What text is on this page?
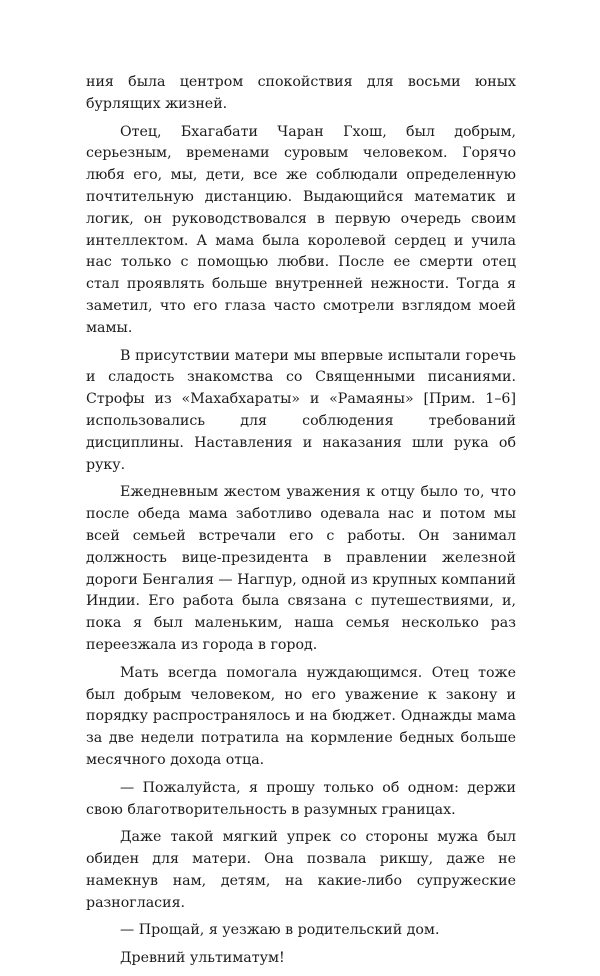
ния была центром спокойствия для восьми юных бурлящих жизней.

Отец, Бхагабати Чаран Гхош, был добрым, серьезным, временами суровым человеком. Горячо любя его, мы, дети, все же соблюдали определенную почтительную дистанцию. Выдающийся математик и логик, он руководствовался в первую очередь своим интеллектом. А мама была королевой сердец и учила нас только с помощью любви. После ее смерти отец стал проявлять больше внутренней нежности. Тогда я заметил, что его глаза часто смотрели взглядом моей мамы.

В присутствии матери мы впервые испытали горечь и сладость знакомства со Священными писаниями. Строфы из «Махабхараты» и «Рамаяны» [Прим. 1–6] использовались для соблюдения требований дисциплины. Наставления и наказания шли рука об руку.

Ежедневным жестом уважения к отцу было то, что после обеда мама заботливо одевала нас и потом мы всей семьей встречали его с работы. Он занимал должность вице-президента в правлении железной дороги Бенгалия — Нагпур, одной из крупных компаний Индии. Его работа была связана с путешествиями, и, пока я был маленьким, наша семья несколько раз переезжала из города в город.

Мать всегда помогала нуждающимся. Отец тоже был добрым человеком, но его уважение к закону и порядку распространялось и на бюджет. Однажды мама за две недели потратила на кормление бедных больше месячного дохода отца.

— Пожалуйста, я прошу только об одном: держи свою благотворительность в разумных границах.

Даже такой мягкий упрек со стороны мужа был обиден для матери. Она позвала рикшу, даже не намекнув нам, детям, на какие-либо супружеские разногласия.

— Прощай, я уезжаю в родительский дом.

Древний ультиматум!
